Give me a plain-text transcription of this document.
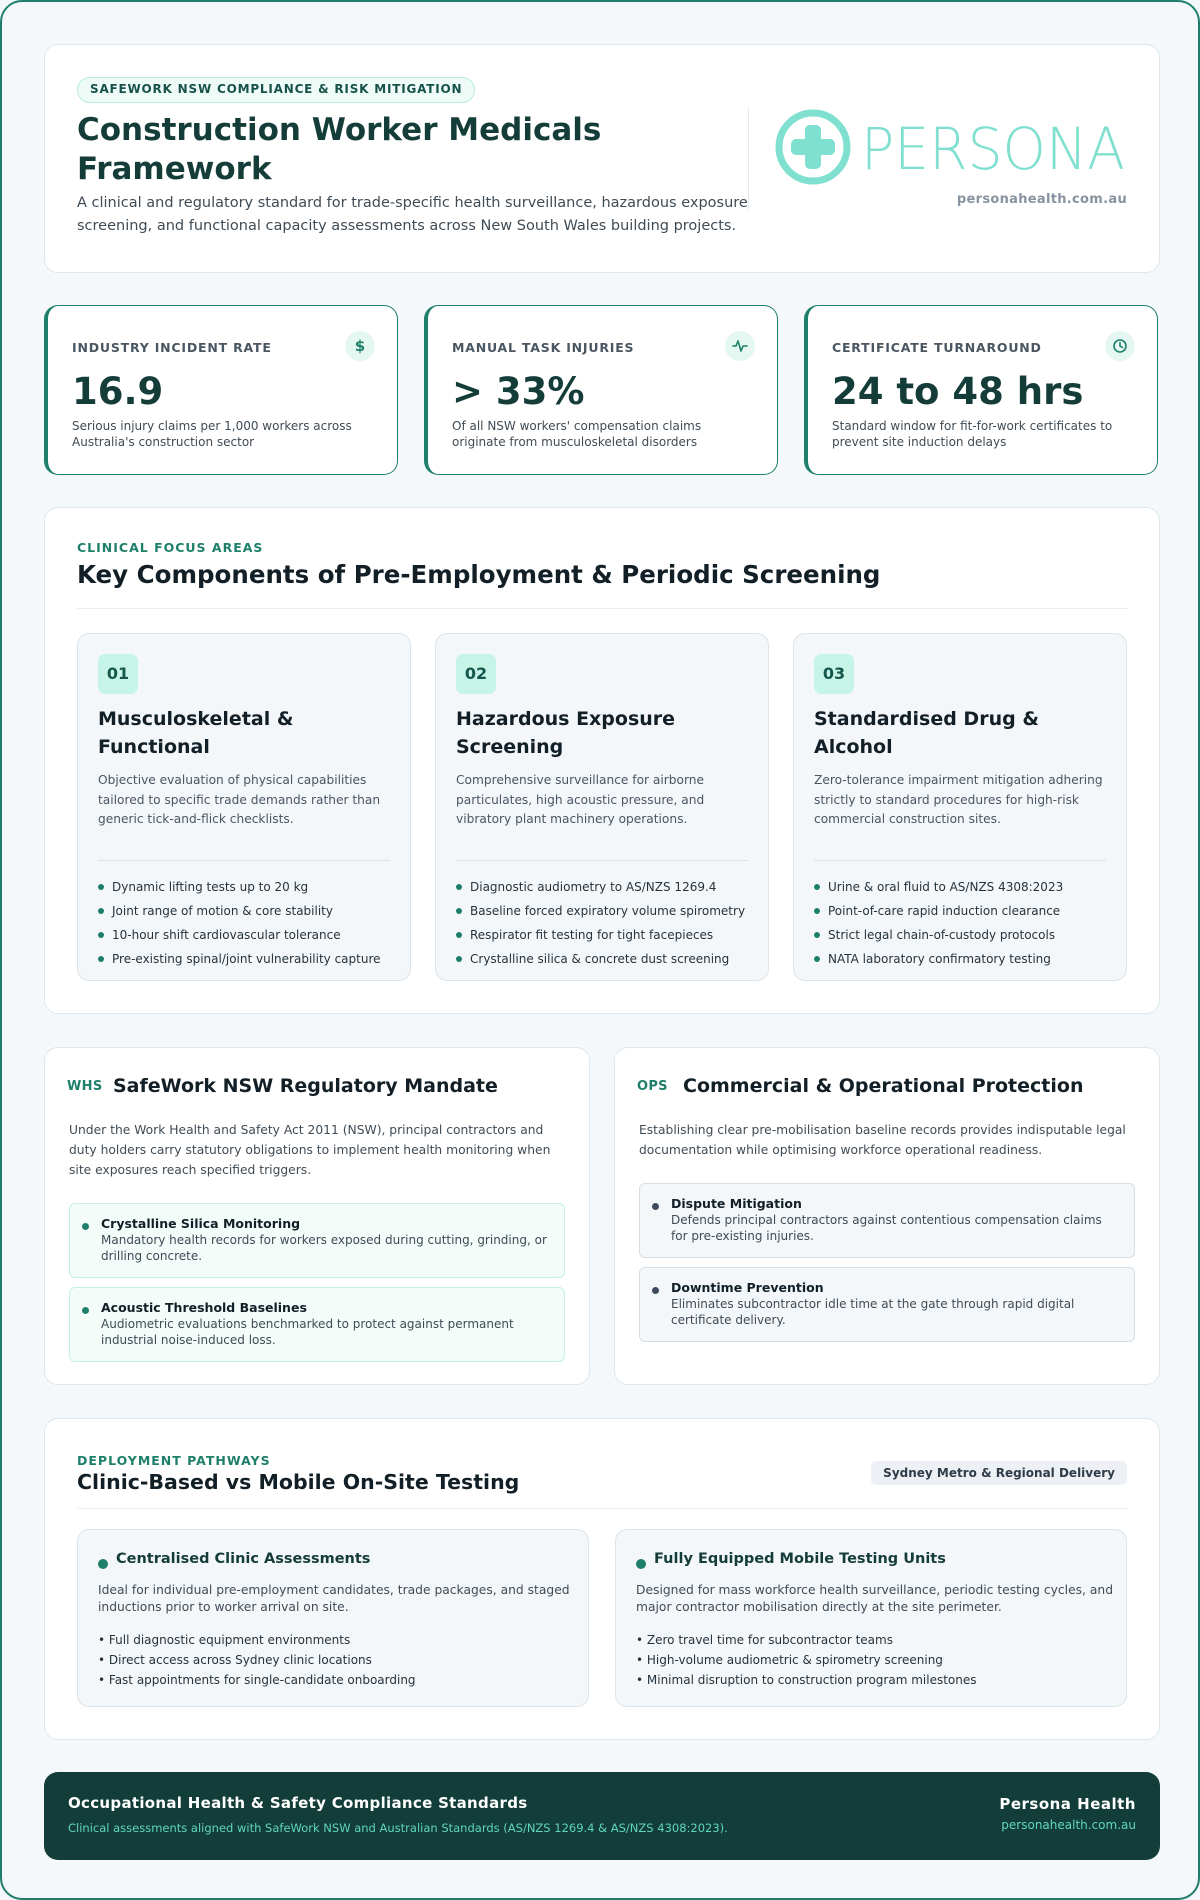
SAFEWORK NSW COMPLIANCE & RISK MITIGATION
Construction Worker Medicals Framework
A clinical and regulatory standard for trade-specific health surveillance, hazardous exposure screening, and functional capacity assessments across New South Wales building projects.
PERSONA
personahealth.com.au
INDUSTRY INCIDENT RATE	$
16.9
Serious injury claims per 1,000 workers across Australia's construction sector
MANUAL TASK INJURIES
> 33%
Of all NSW workers' compensation claims originate from musculoskeletal disorders
CERTIFICATE TURNAROUND
24 to 48 hrs
Standard window for fit-for-work certificates to prevent site induction delays
CLINICAL FOCUS AREAS
Key Components of Pre-Employment & Periodic Screening
01
Musculoskeletal & Functional
Objective evaluation of physical capabilities tailored to specific trade demands rather than generic tick-and-flick checklists.
Dynamic lifting tests up to 20 kg
Joint range of motion & core stability
10-hour shift cardiovascular tolerance
Pre-existing spinal/joint vulnerability capture
02
Hazardous Exposure Screening
Comprehensive surveillance for airborne particulates, high acoustic pressure, and vibratory plant machinery operations.
Diagnostic audiometry to AS/NZS 1269.4
Baseline forced expiratory volume spirometry
Respirator fit testing for tight facepieces
Crystalline silica & concrete dust screening
03
Standardised Drug & Alcohol
Zero-tolerance impairment mitigation adhering strictly to standard procedures for high-risk commercial construction sites.
Urine & oral fluid to AS/NZS 4308:2023
Point-of-care rapid induction clearance
Strict legal chain-of-custody protocols
NATA laboratory confirmatory testing
WHS SafeWork NSW Regulatory Mandate
Under the Work Health and Safety Act 2011 (NSW), principal contractors and duty holders carry statutory obligations to implement health monitoring when site exposures reach specified triggers.
Crystalline Silica Monitoring
Mandatory health records for workers exposed during cutting, grinding, or drilling concrete.
Acoustic Threshold Baselines
Audiometric evaluations benchmarked to protect against permanent industrial noise-induced loss.
OPS Commercial & Operational Protection
Establishing clear pre-mobilisation baseline records provides indisputable legal documentation while optimising workforce operational readiness.
Dispute Mitigation
Defends principal contractors against contentious compensation claims for pre-existing injuries.
Downtime Prevention
Eliminates subcontractor idle time at the gate through rapid digital certificate delivery.
DEPLOYMENT PATHWAYS
Clinic-Based vs Mobile On-Site Testing	Sydney Metro & Regional Delivery
Centralised Clinic Assessments
Ideal for individual pre-employment candidates, trade packages, and staged inductions prior to worker arrival on site.
• Full diagnostic equipment environments
• Direct access across Sydney clinic locations
• Fast appointments for single-candidate onboarding
Fully Equipped Mobile Testing Units
Designed for mass workforce health surveillance, periodic testing cycles, and major contractor mobilisation directly at the site perimeter.
• Zero travel time for subcontractor teams
• High-volume audiometric & spirometry screening
• Minimal disruption to construction program milestones
Occupational Health & Safety Compliance Standards
Clinical assessments aligned with SafeWork NSW and Australian Standards (AS/NZS 1269.4 & AS/NZS 4308:2023).
Persona Health
personahealth.com.au
